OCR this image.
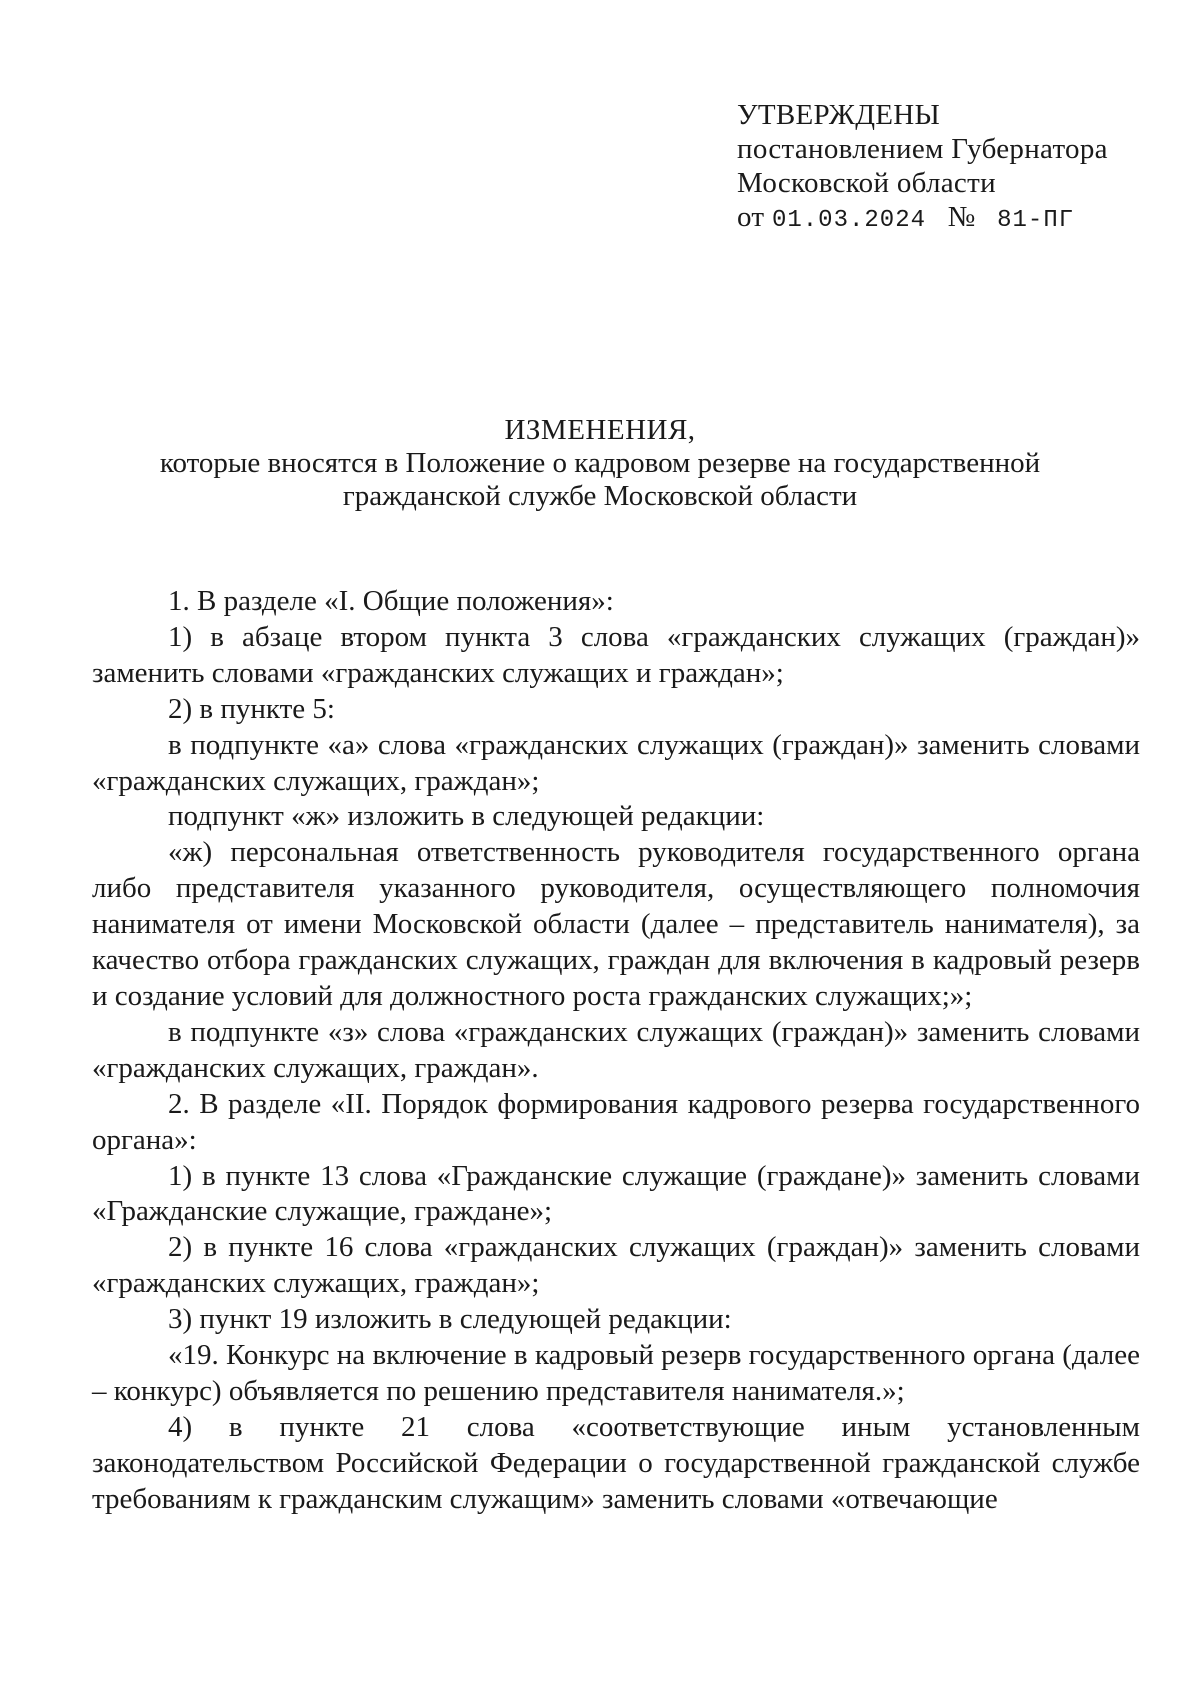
УТВЕРЖДЕНЫ
постановлением Губернатора
Московской области
от 01.03.2024 № 81-ПГ
ИЗМЕНЕНИЯ,
которые вносятся в Положение о кадровом резерве на государственной
гражданской службе Московской области

1. В разделе «I. Общие положения»:

1) в абзаце втором пункта 3 слова «гражданских служащих (граждан)» заменить словами «гражданских служащих и граждан»;

2) в пункте 5:

в подпункте «а» слова «гражданских служащих (граждан)» заменить словами «гражданских служащих, граждан»;

подпункт «ж» изложить в следующей редакции:

«ж) персональная ответственность руководителя государственного органа либо представителя указанного руководителя, осуществляющего полномочия нанимателя от имени Московской области (далее – представитель нанимателя), за качество отбора гражданских служащих, граждан для включения в кадровый резерв и создание условий для должностного роста гражданских служащих;»;

в подпункте «з» слова «гражданских служащих (граждан)» заменить словами «гражданских служащих, граждан».

2. В разделе «II. Порядок формирования кадрового резерва государственного органа»:

1) в пункте 13 слова «Гражданские служащие (граждане)» заменить словами «Гражданские служащие, граждане»;

2) в пункте 16 слова «гражданских служащих (граждан)» заменить словами «гражданских служащих, граждан»;

3) пункт 19 изложить в следующей редакции:

«19. Конкурс на включение в кадровый резерв государственного органа (далее – конкурс) объявляется по решению представителя нанимателя.»;

4) в пункте 21 слова «соответствующие иным установленным законодательством Российской Федерации о государственной гражданской службе требованиям к гражданским служащим» заменить словами «отвечающие
